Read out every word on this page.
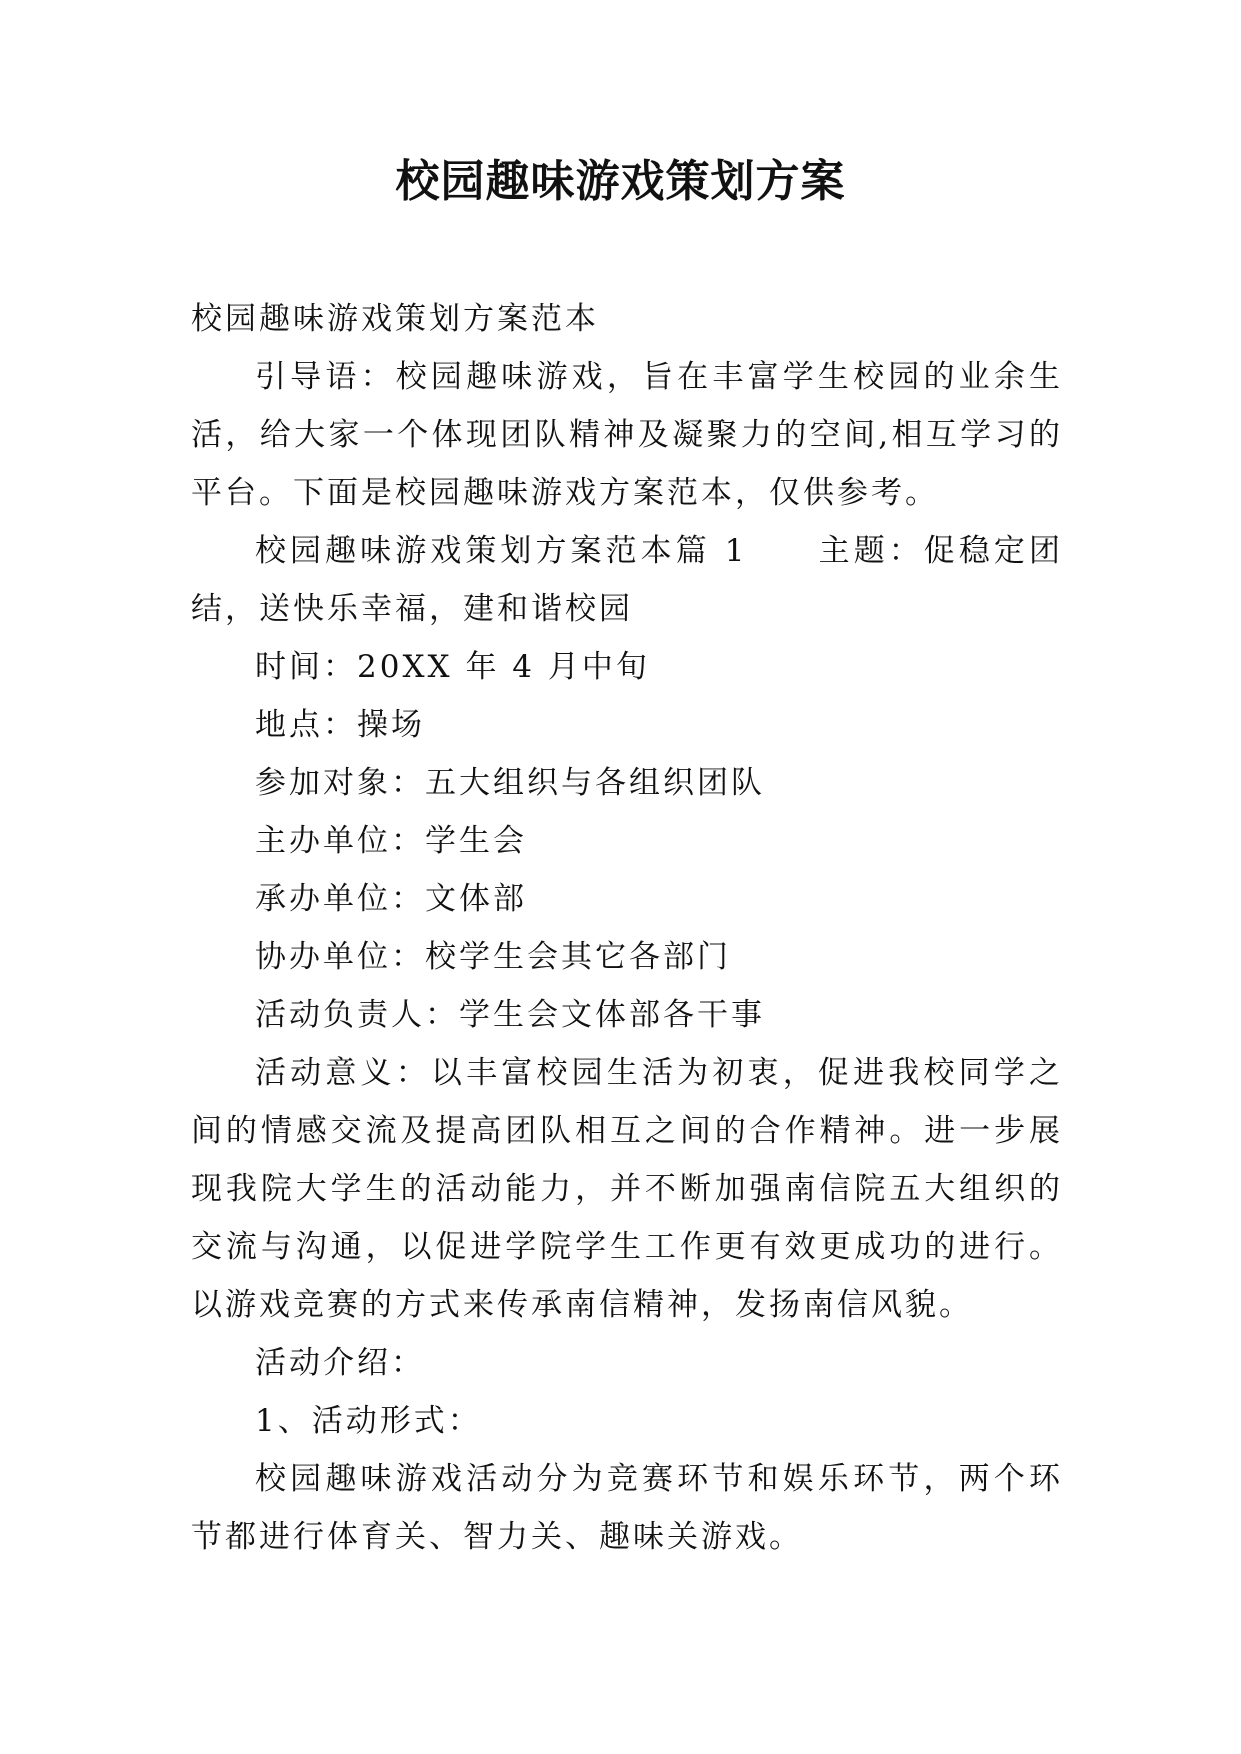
校园趣味游戏策划方案

校园趣味游戏策划方案范本

引导语：校园趣味游戏，旨在丰富学生校园的业余生活，给大家一个体现团队精神及凝聚力的空间,相互学习的平台。下面是校园趣味游戏方案范本，仅供参考。

校园趣味游戏策划方案范本篇 1　　主题：促稳定团结，送快乐幸福，建和谐校园

时间：20XX 年 4 月中旬

地点：操场

参加对象：五大组织与各组织团队

主办单位：学生会

承办单位：文体部

协办单位：校学生会其它各部门

活动负责人：学生会文体部各干事

活动意义：以丰富校园生活为初衷，促进我校同学之间的情感交流及提高团队相互之间的合作精神。进一步展现我院大学生的活动能力，并不断加强南信院五大组织的交流与沟通，以促进学院学生工作更有效更成功的进行。以游戏竞赛的方式来传承南信精神，发扬南信风貌。

活动介绍：

1、活动形式：

校园趣味游戏活动分为竞赛环节和娱乐环节，两个环节都进行体育关、智力关、趣味关游戏。
